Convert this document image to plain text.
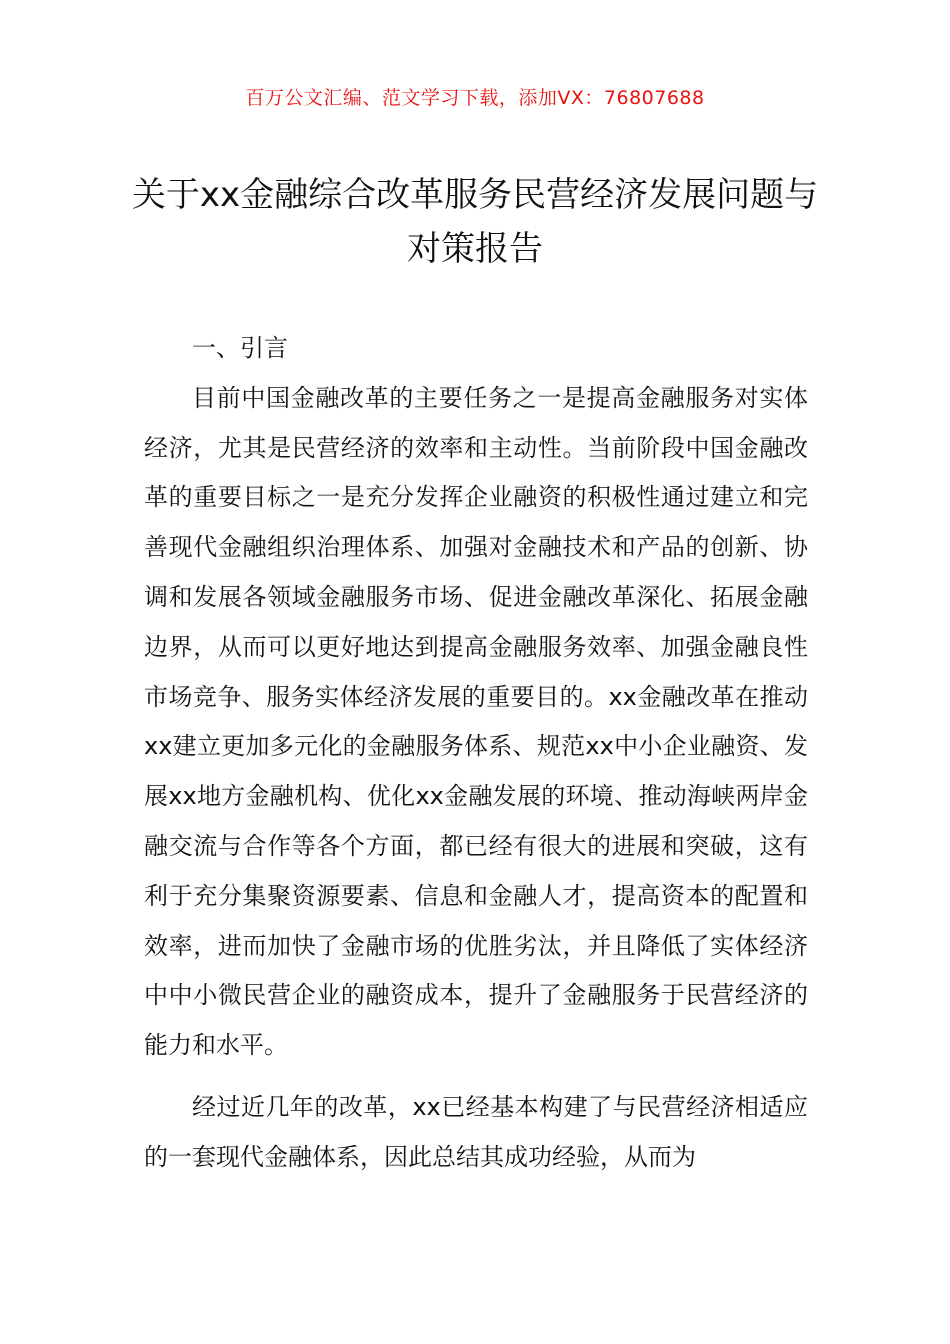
百万公文汇编、范文学习下载，添加VX：76807688
关于xx金融综合改革服务民营经济发展问题与对策报告

一、引言

目前中国金融改革的主要任务之一是提高金融服务对实体经济，尤其是民营经济的效率和主动性。当前阶段中国金融改革的重要目标之一是充分发挥企业融资的积极性通过建立和完善现代金融组织治理体系、加强对金融技术和产品的创新、协调和发展各领域金融服务市场、促进金融改革深化、拓展金融边界，从而可以更好地达到提高金融服务效率、加强金融良性市场竞争、服务实体经济发展的重要目的。xx金融改革在推动xx建立更加多元化的金融服务体系、规范xx中小企业融资、发展xx地方金融机构、优化xx金融发展的环境、推动海峡两岸金融交流与合作等各个方面，都已经有很大的进展和突破，这有利于充分集聚资源要素、信息和金融人才，提高资本的配置和效率，进而加快了金融市场的优胜劣汰，并且降低了实体经济中中小微民营企业的融资成本，提升了金融服务于民营经济的能力和水平。

经过近几年的改革，xx已经基本构建了与民营经济相适应的一套现代金融体系，因此总结其成功经验，从而为
